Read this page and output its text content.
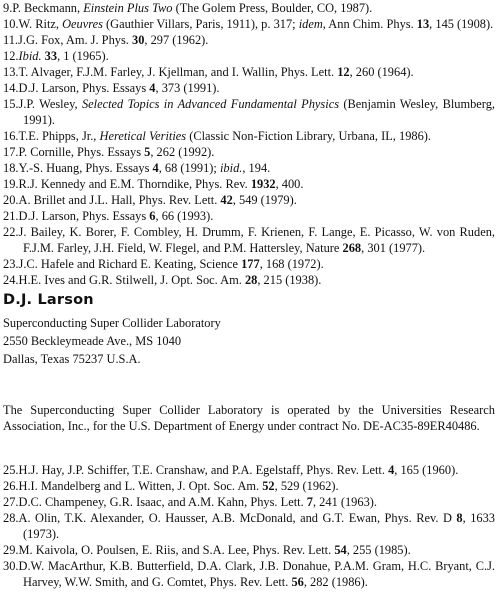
9.P. Beckmann, Einstein Plus Two (The Golem Press, Boulder, CO, 1987).
10.W. Ritz, Oeuvres (Gauthier Villars, Paris, 1911), p. 317; idem, Ann Chim. Phys. 13, 145 (1908).
11.J.G. Fox, Am. J. Phys. 30, 297 (1962).
12.Ibid. 33, 1 (1965).
13.T. Alvager, F.J.M. Farley, J. Kjellman, and I. Wallin, Phys. Lett. 12, 260 (1964).
14.D.J. Larson, Phys. Essays 4, 373 (1991).
15.J.P. Wesley, Selected Topics in Advanced Fundamental Physics (Benjamin Wesley, Blumberg, 1991).
16.T.E. Phipps, Jr., Heretical Verities (Classic Non-Fiction Library, Urbana, IL, 1986).
17.P. Cornille, Phys. Essays 5, 262 (1992).
18.Y.-S. Huang, Phys. Essays 4, 68 (1991); ibid., 194.
19.R.J. Kennedy and E.M. Thorndike, Phys. Rev. 1932, 400.
20.A. Brillet and J.L. Hall, Phys. Rev. Lett. 42, 549 (1979).
21.D.J. Larson, Phys. Essays 6, 66 (1993).
22.J. Bailey, K. Borer, F. Combley, H. Drumm, F. Krienen, F. Lange, E. Picasso, W. von Ruden, F.J.M. Farley, J.H. Field, W. Flegel, and P.M. Hattersley, Nature 268, 301 (1977).
23.J.C. Hafele and Richard E. Keating, Science 177, 168 (1972).
24.H.E. Ives and G.R. Stilwell, J. Opt. Soc. Am. 28, 215 (1938).
D.J. Larson
Superconducting Super Collider Laboratory
2550 Beckleymeade Ave., MS 1040
Dallas, Texas 75237 U.S.A.
The Superconducting Super Collider Laboratory is operated by the Universities Research Association, Inc., for the U.S. Department of Energy under contract No. DE-AC35-89ER40486.
25.H.J. Hay, J.P. Schiffer, T.E. Cranshaw, and P.A. Egelstaff, Phys. Rev. Lett. 4, 165 (1960).
26.H.I. Mandelberg and L. Witten, J. Opt. Soc. Am. 52, 529 (1962).
27.D.C. Champeney, G.R. Isaac, and A.M. Kahn, Phys. Lett. 7, 241 (1963).
28.A. Olin, T.K. Alexander, O. Hausser, A.B. McDonald, and G.T. Ewan, Phys. Rev. D 8, 1633 (1973).
29.M. Kaivola, O. Poulsen, E. Riis, and S.A. Lee, Phys. Rev. Lett. 54, 255 (1985).
30.D.W. MacArthur, K.B. Butterfield, D.A. Clark, J.B. Donahue, P.A.M. Gram, H.C. Bryant, C.J. Harvey, W.W. Smith, and G. Comtet, Phys. Rev. Lett. 56, 282 (1986).
